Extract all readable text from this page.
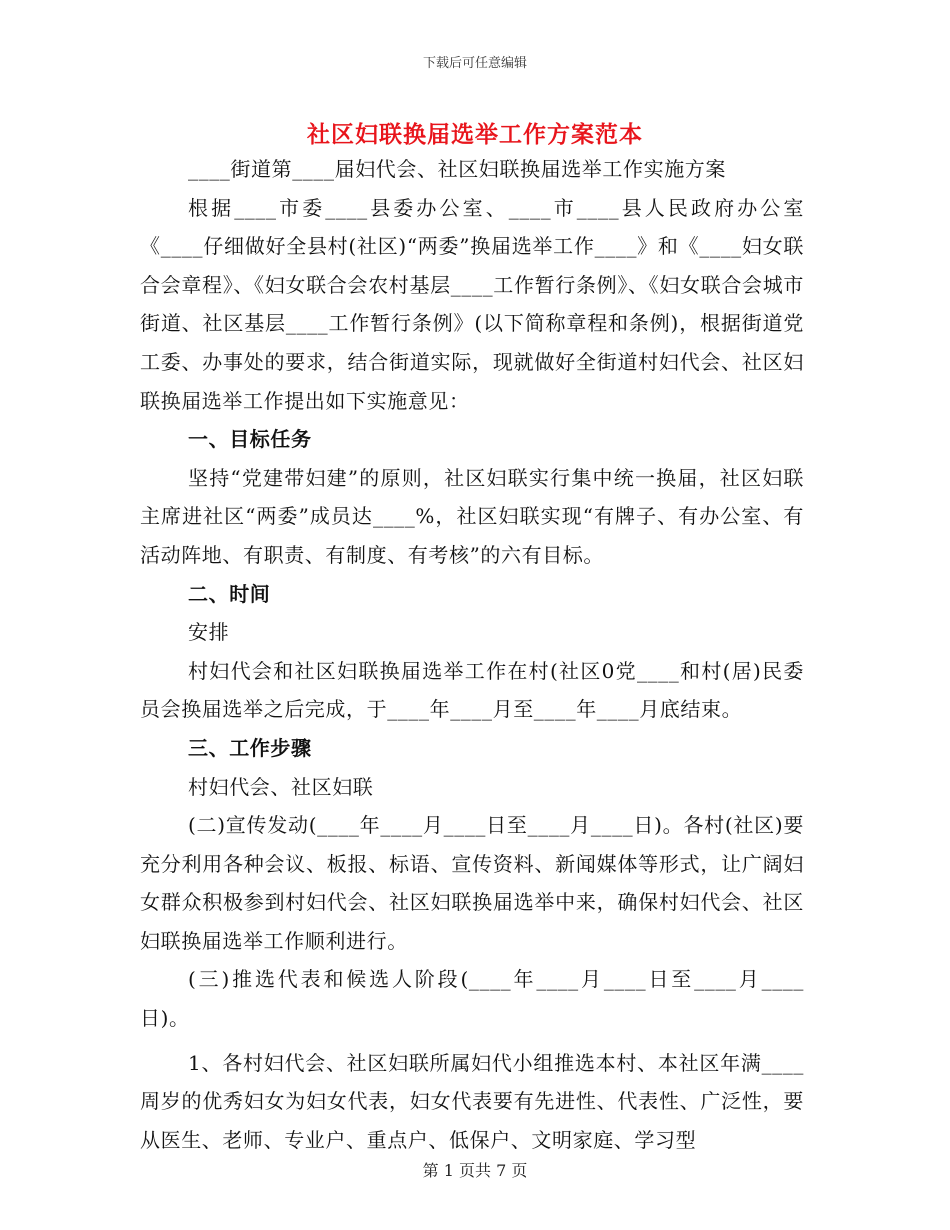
下载后可任意编辑
社区妇联换届选举工作方案范本

____街道第____届妇代会、社区妇联换届选举工作实施方案

根据____市委____县委办公室、____市____县人民政府办公室《____仔细做好全县村(社区)“两委”换届选举工作____》和《____妇女联合会章程》、《妇女联合会农村基层____工作暂行条例》、《妇女联合会城市街道、社区基层____工作暂行条例》(以下简称章程和条例)，根据街道党工委、办事处的要求，结合街道实际，现就做好全街道村妇代会、社区妇联换届选举工作提出如下实施意见：

一、目标任务

坚持“党建带妇建”的原则，社区妇联实行集中统一换届，社区妇联主席进社区“两委”成员达____%，社区妇联实现“有牌子、有办公室、有活动阵地、有职责、有制度、有考核”的六有目标。

二、时间

安排

村妇代会和社区妇联换届选举工作在村(社区0党____和村(居)民委员会换届选举之后完成，于____年____月至____年____月底结束。

三、工作步骤

村妇代会、社区妇联

(二)宣传发动(____年____月____日至____月____日)。各村(社区)要充分利用各种会议、板报、标语、宣传资料、新闻媒体等形式，让广阔妇女群众积极参到村妇代会、社区妇联换届选举中来，确保村妇代会、社区妇联换届选举工作顺利进行。

(三)推选代表和候选人阶段(____年____月____日至____月____日)。

1、各村妇代会、社区妇联所属妇代小组推选本村、本社区年满____周岁的优秀妇女为妇女代表，妇女代表要有先进性、代表性、广泛性，要从医生、老师、专业户、重点户、低保户、文明家庭、学习型

第 1 页共 7 页
